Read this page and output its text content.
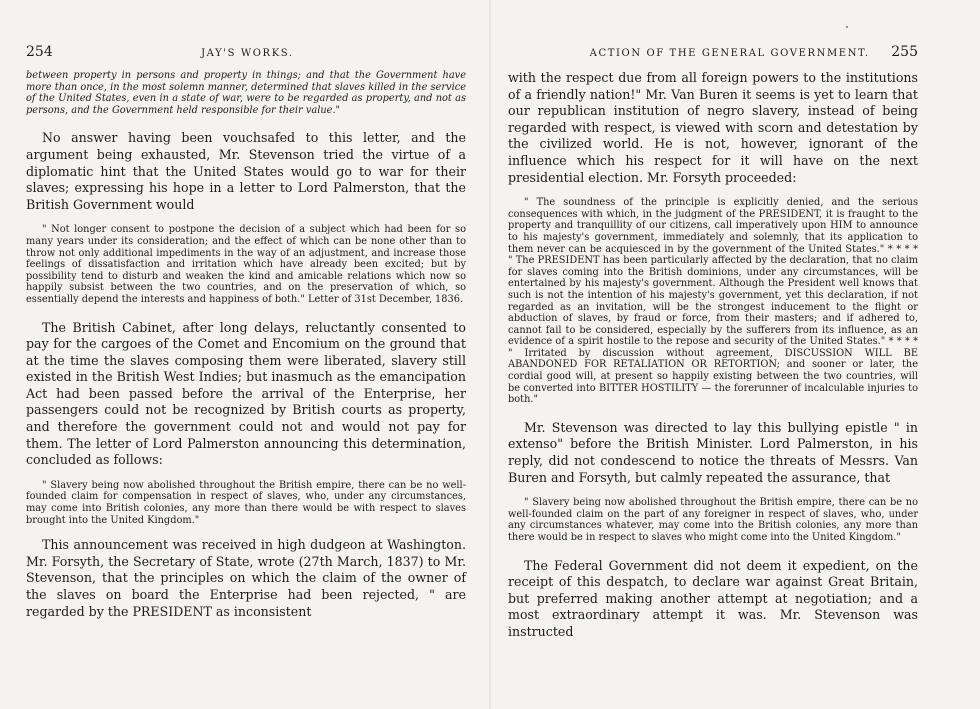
254	JAY'S WORKS.

between property in persons and property in things; and that the Government have more than once, in the most solemn manner, determined that slaves killed in the service of the United States, even in a state of war, were to be regarded as property, and not as persons, and the Government held responsible for their value."

No answer having been vouchsafed to this letter, and the argument being exhausted, Mr. Stevenson tried the virtue of a diplomatic hint that the United States would go to war for their slaves; expressing his hope in a letter to Lord Palmerston, that the British Government would

" Not longer consent to postpone the decision of a subject which had been for so many years under its consideration; and the effect of which can be none other than to throw not only additional impediments in the way of an adjustment, and increase those feelings of dissatisfaction and irritation which have already been excited; but by possibility tend to disturb and weaken the kind and amicable relations which now so happily subsist between the two countries, and on the preservation of which, so essentially depend the interests and happiness of both." Letter of 31st December, 1836.

The British Cabinet, after long delays, reluctantly consented to pay for the cargoes of the Comet and Encomium on the ground that at the time the slaves composing them were liberated, slavery still existed in the British West Indies; but inasmuch as the emancipation Act had been passed before the arrival of the Enterprise, her passengers could not be recognized by British courts as property, and therefore the government could not and would not pay for them. The letter of Lord Palmerston announcing this determination, concluded as follows:

" Slavery being now abolished throughout the British empire, there can be no well-founded claim for compensation in respect of slaves, who, under any circumstances, may come into British colonies, any more than there would be with respect to slaves brought into the United Kingdom."

This announcement was received in high dudgeon at Washington. Mr. Forsyth, the Secretary of State, wrote (27th March, 1837) to Mr. Stevenson, that the principles on which the claim of the owner of the slaves on board the Enterprise had been rejected, " are regarded by the PRESIDENT as inconsistent

ACTION OF THE GENERAL GOVERNMENT. 255

with the respect due from all foreign powers to the institutions of a friendly nation!" Mr. Van Buren it seems is yet to learn that our republican institution of negro slavery, instead of being regarded with respect, is viewed with scorn and detestation by the civilized world. He is not, however, ignorant of the influence which his respect for it will have on the next presidential election. Mr. Forsyth proceeded:

" The soundness of the principle is explicitly denied, and the serious consequences with which, in the judgment of the PRESIDENT, it is fraught to the property and tranquillity of our citizens, call imperatively upon HIM to announce to his majesty's government, immediately and solemnly, that its application to them never can be acquiesced in by the government of the United States." * * * * " The PRESIDENT has been particularly affected by the declaration, that no claim for slaves coming into the British dominions, under any circumstances, will be entertained by his majesty's government. Although the President well knows that such is not the intention of his majesty's government, yet this declaration, if not regarded as an invitation, will be the strongest inducement to the flight or abduction of slaves, by fraud or force, from their masters; and if adhered to, cannot fail to be considered, especially by the sufferers from its influence, as an evidence of a spirit hostile to the repose and security of the United States." * * * * " Irritated by discussion without agreement, DISCUSSION WILL BE ABANDONED FOR RETALIATION OR RETORTION; and sooner or later, the cordial good will, at present so happily existing between the two countries, will be converted into BITTER HOSTILITY — the forerunner of incalculable injuries to both."

Mr. Stevenson was directed to lay this bullying epistle " in extenso" before the British Minister. Lord Palmerston, in his reply, did not condescend to notice the threats of Messrs. Van Buren and Forsyth, but calmly repeated the assurance, that

" Slavery being now abolished throughout the British empire, there can be no well-founded claim on the part of any foreigner in respect of slaves, who, under any circumstances whatever, may come into the British colonies, any more than there would be in respect to slaves who might come into the United Kingdom."

The Federal Government did not deem it expedient, on the receipt of this despatch, to declare war against Great Britain, but preferred making another attempt at negotiation; and a most extraordinary attempt it was. Mr. Stevenson was instructed
